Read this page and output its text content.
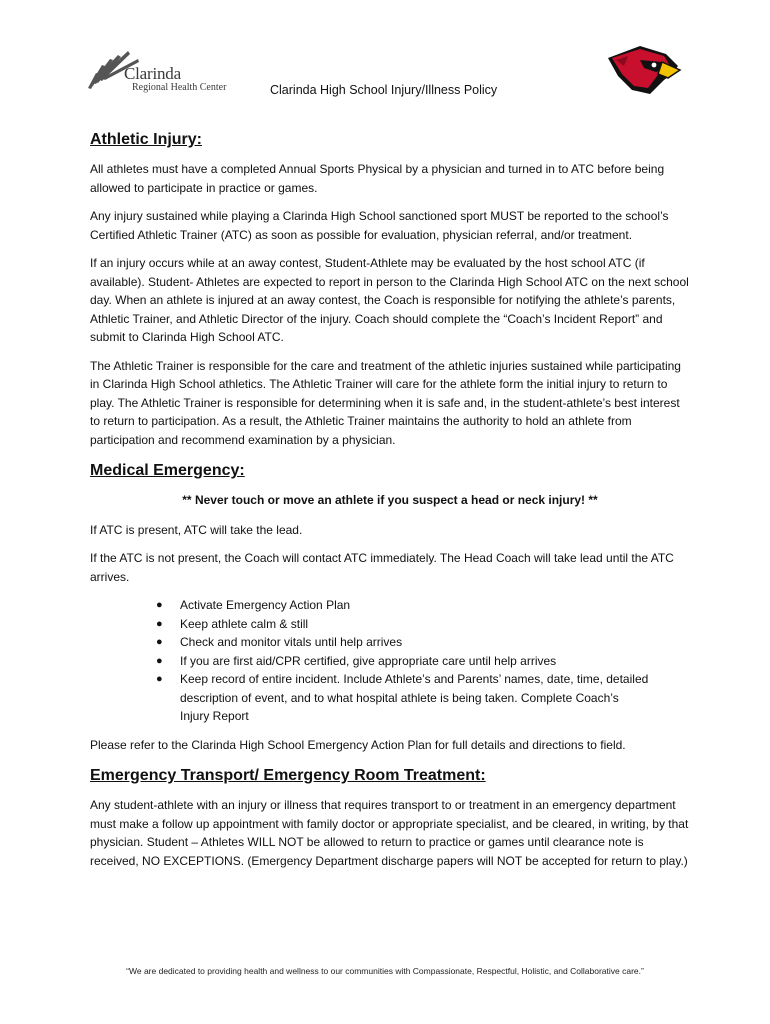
Clarinda
Regional Health Center	Clarinda High School Injury/Illness Policy
Athletic Injury:

All athletes must have a completed Annual Sports Physical by a physician and turned in to ATC before being allowed to participate in practice or games.

Any injury sustained while playing a Clarinda High School sanctioned sport MUST be reported to the school’s Certified Athletic Trainer (ATC) as soon as possible for evaluation, physician referral, and/or treatment.

If an injury occurs while at an away contest, Student-Athlete may be evaluated by the host school ATC (if available). Student- Athletes are expected to report in person to the Clarinda High School ATC on the next school day. When an athlete is injured at an away contest, the Coach is responsible for notifying the athlete’s parents, Athletic Trainer, and Athletic Director of the injury. Coach should complete the “Coach’s Incident Report” and submit to Clarinda High School ATC.

The Athletic Trainer is responsible for the care and treatment of the athletic injuries sustained while participating in Clarinda High School athletics. The Athletic Trainer will care for the athlete form the initial injury to return to play. The Athletic Trainer is responsible for determining when it is safe and, in the student-athlete’s best interest to return to participation. As a result, the Athletic Trainer maintains the authority to hold an athlete from participation and recommend examination by a physician.

Medical Emergency:

** Never touch or move an athlete if you suspect a head or neck injury! **

If ATC is present, ATC will take the lead.

If the ATC is not present, the Coach will contact ATC immediately. The Head Coach will take lead until the ATC arrives.

● Activate Emergency Action Plan
● Keep athlete calm & still
● Check and monitor vitals until help arrives
● If you are first aid/CPR certified, give appropriate care until help arrives
● Keep record of entire incident. Include Athlete’s and Parents’ names, date, time, detailed description of event, and to what hospital athlete is being taken. Complete Coach’s Injury Report

Please refer to the Clarinda High School Emergency Action Plan for full details and directions to field.

Emergency Transport/ Emergency Room Treatment:

Any student-athlete with an injury or illness that requires transport to or treatment in an emergency department must make a follow up appointment with family doctor or appropriate specialist, and be cleared, in writing, by that physician. Student – Athletes WILL NOT be allowed to return to practice or games until clearance note is received, NO EXCEPTIONS. (Emergency Department discharge papers will NOT be accepted for return to play.)

“We are dedicated to providing health and wellness to our communities with Compassionate, Respectful, Holistic, and Collaborative care.”
